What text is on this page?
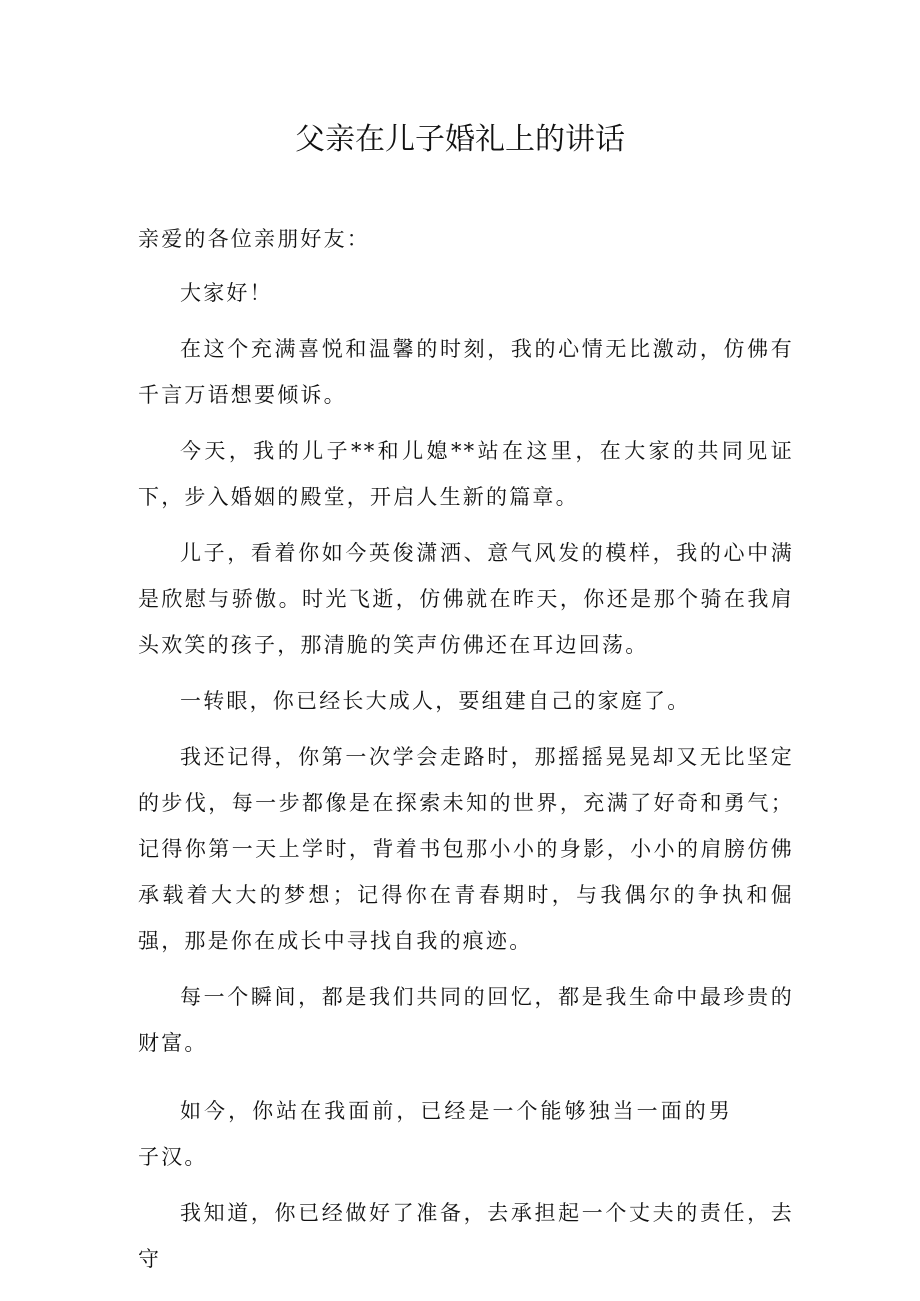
父亲在儿子婚礼上的讲话

亲爱的各位亲朋好友：

大家好！

在这个充满喜悦和温馨的时刻，我的心情无比激动，仿佛有千言万语想要倾诉。

今天，我的儿子**和儿媳**站在这里，在大家的共同见证下，步入婚姻的殿堂，开启人生新的篇章。

儿子，看着你如今英俊潇洒、意气风发的模样，我的心中满是欣慰与骄傲。时光飞逝，仿佛就在昨天，你还是那个骑在我肩头欢笑的孩子，那清脆的笑声仿佛还在耳边回荡。

一转眼，你已经长大成人，要组建自己的家庭了。

我还记得，你第一次学会走路时，那摇摇晃晃却又无比坚定的步伐，每一步都像是在探索未知的世界，充满了好奇和勇气；记得你第一天上学时，背着书包那小小的身影，小小的肩膀仿佛承载着大大的梦想；记得你在青春期时，与我偶尔的争执和倔强，那是你在成长中寻找自我的痕迹。

每一个瞬间，都是我们共同的回忆，都是我生命中最珍贵的财富。

如今，你站在我面前，已经是一个能够独当一面的男子汉。

我知道，你已经做好了准备，去承担起一个丈夫的责任，去守
